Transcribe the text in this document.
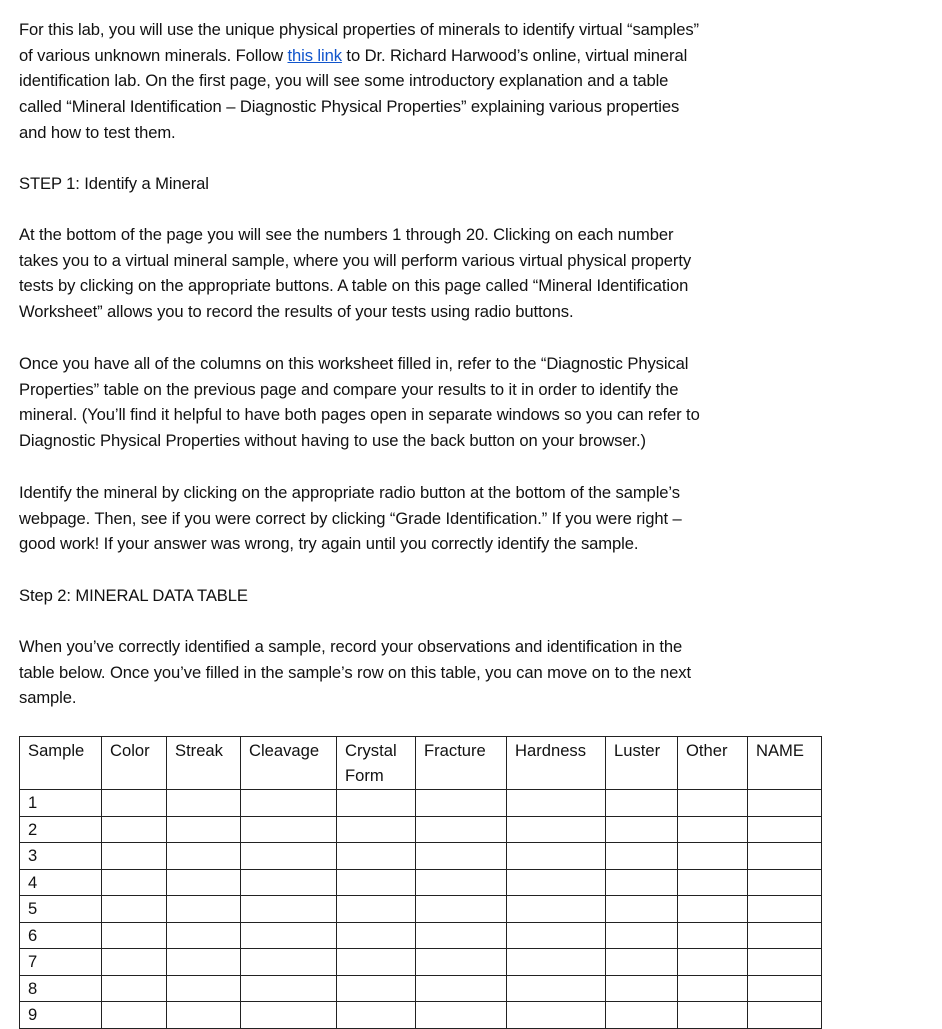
For this lab, you will use the unique physical properties of minerals to identify virtual “samples”
of various unknown minerals. Follow this link to Dr. Richard Harwood’s online, virtual mineral
identification lab. On the first page, you will see some introductory explanation and a table
called “Mineral Identification – Diagnostic Physical Properties” explaining various properties
and how to test them.
STEP 1: Identify a Mineral
At the bottom of the page you will see the numbers 1 through 20. Clicking on each number
takes you to a virtual mineral sample, where you will perform various virtual physical property
tests by clicking on the appropriate buttons. A table on this page called “Mineral Identification
Worksheet” allows you to record the results of your tests using radio buttons.
Once you have all of the columns on this worksheet filled in, refer to the “Diagnostic Physical
Properties” table on the previous page and compare your results to it in order to identify the
mineral. (You’ll find it helpful to have both pages open in separate windows so you can refer to
Diagnostic Physical Properties without having to use the back button on your browser.)
Identify the mineral by clicking on the appropriate radio button at the bottom of the sample’s
webpage. Then, see if you were correct by clicking “Grade Identification.” If you were right –
good work! If your answer was wrong, try again until you correctly identify the sample.
Step 2: MINERAL DATA TABLE
When you’ve correctly identified a sample, record your observations and identification in the
table below. Once you’ve filled in the sample’s row on this table, you can move on to the next
sample.
Sample	Color	Streak	Cleavage	Crystal Form	Fracture	Hardness	Luster	Other	NAME
1									
2									
3									
4									
5									
6									
7									
8									
9									
